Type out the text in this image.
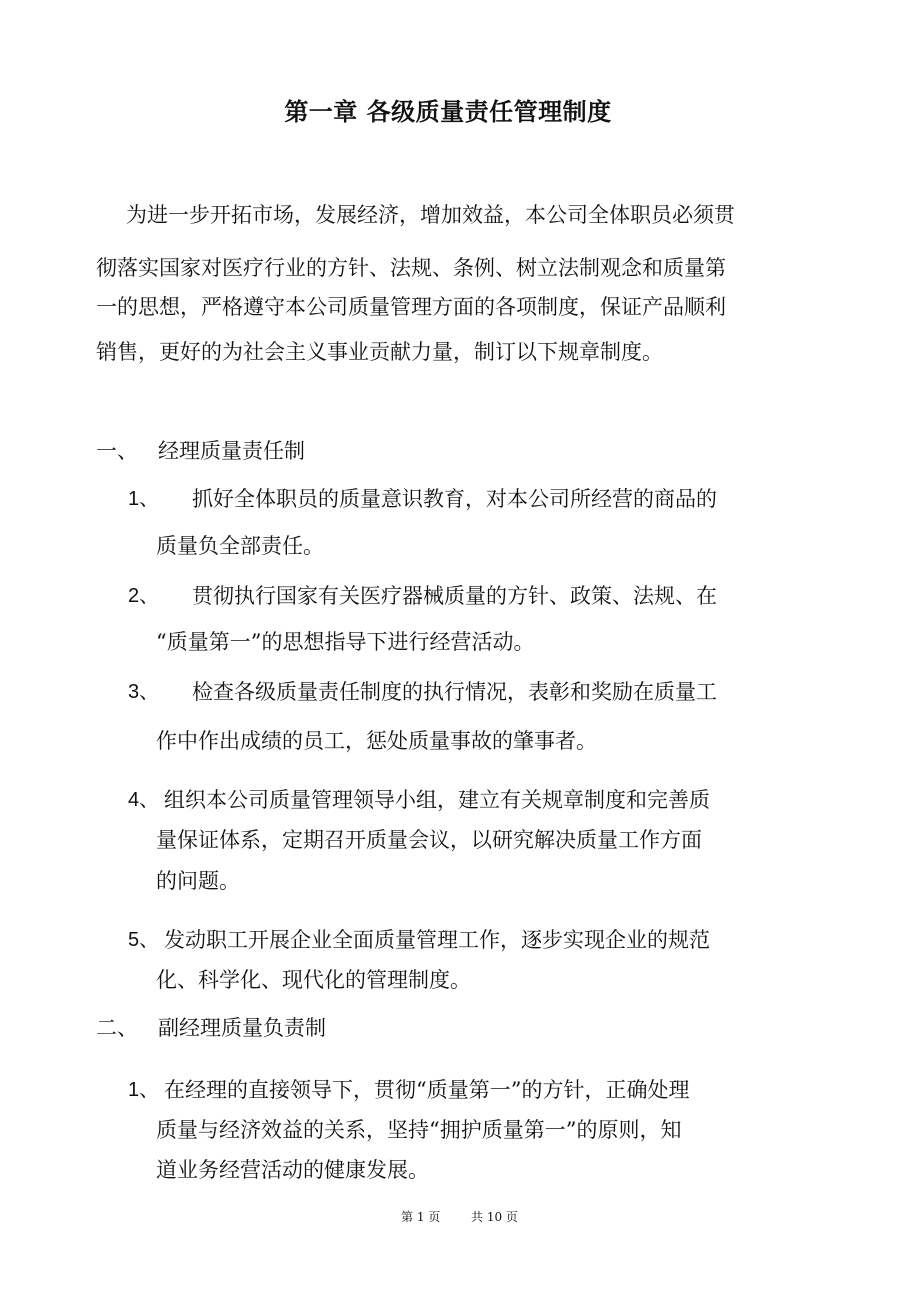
第一章 各级质量责任管理制度

为进一步开拓市场，发展经济，增加效益，本公司全体职员必须贯

彻落实国家对医疗行业的方针、法规、条例、树立法制观念和质量第

一的思想，严格遵守本公司质量管理方面的各项制度，保证产品顺利

销售，更好的为社会主义事业贡献力量，制订以下规章制度。

一、 经理质量责任制
1、 抓好全体职员的质量意识教育，对本公司所经营的商品的

质量负全部责任。

2、 贯彻执行国家有关医疗器械质量的方针、政策、法规、在

“质量第一”的思想指导下进行经营活动。

3、 检查各级质量责任制度的执行情况，表彰和奖励在质量工

作中作出成绩的员工，惩处质量事故的肇事者。

4、 组织本公司质量管理领导小组，建立有关规章制度和完善质

量保证体系，定期召开质量会议，以研究解决质量工作方面

的问题。

5、 发动职工开展企业全面质量管理工作，逐步实现企业的规范

化、科学化、现代化的管理制度。

二、 副经理质量负责制
1、 在经理的直接领导下，贯彻“质量第一”的方针，正确处理

质量与经济效益的关系，坚持“拥护质量第一”的原则，知

道业务经营活动的健康发展。

第 1 页	共 10 页
